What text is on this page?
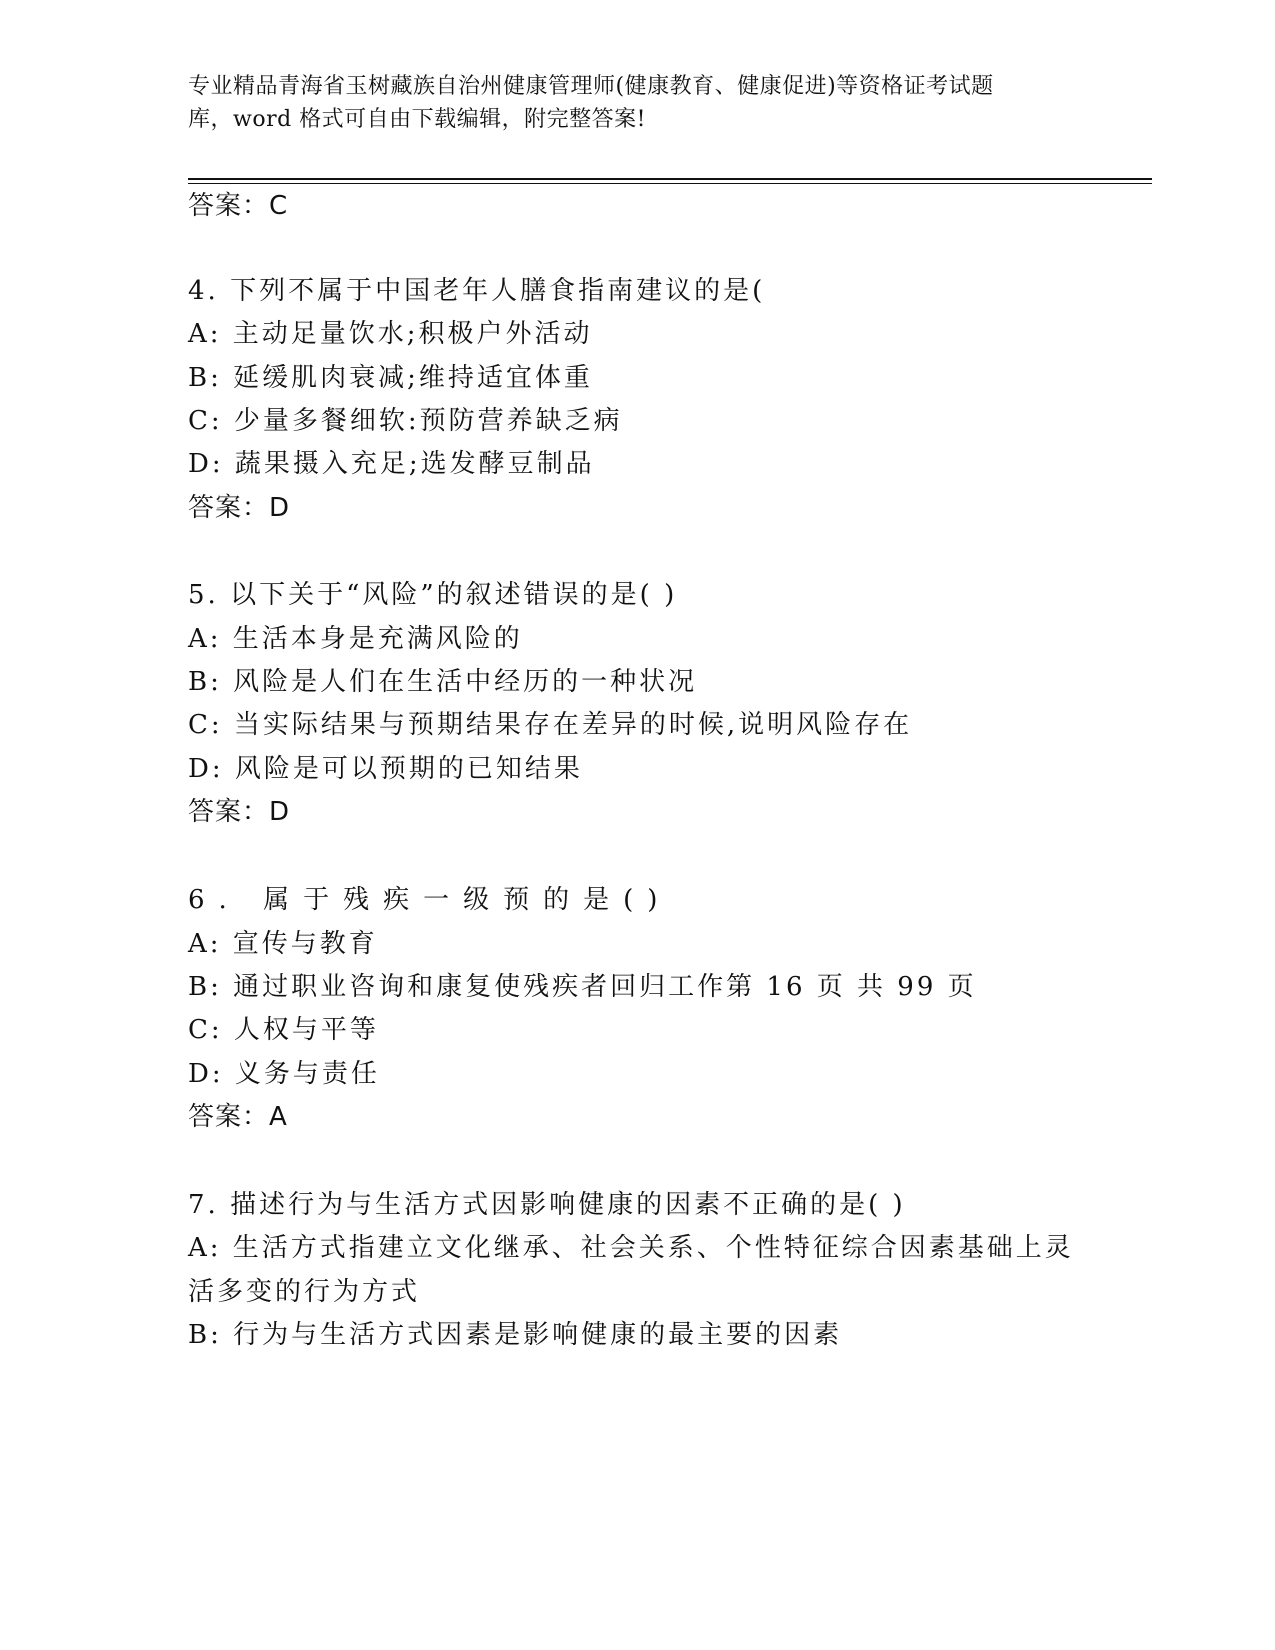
专业精品青海省玉树藏族自治州健康管理师(健康教育、健康促进)等资格证考试题
库，word 格式可自由下载编辑，附完整答案!
答案：C
4. 下列不属于中国老年人膳食指南建议的是(
A: 主动足量饮水;积极户外活动
B: 延缓肌肉衰减;维持适宜体重
C: 少量多餐细软:预防营养缺乏病
D: 蔬果摄入充足;选发酵豆制品
答案：D
5. 以下关于“风险”的叙述错误的是( )
A: 生活本身是充满风险的
B: 风险是人们在生活中经历的一种状况
C: 当实际结果与预期结果存在差异的时候,说明风险存在
D: 风险是可以预期的已知结果
答案：D
6. 属于残疾一级预的是()
A: 宣传与教育
B: 通过职业咨询和康复使残疾者回归工作第 16 页 共 99 页
C: 人权与平等
D: 义务与责任
答案：A
7. 描述行为与生活方式因影响健康的因素不正确的是( )
A: 生活方式指建立文化继承、社会关系、个性特征综合因素基础上灵
活多变的行为方式
B: 行为与生活方式因素是影响健康的最主要的因素
